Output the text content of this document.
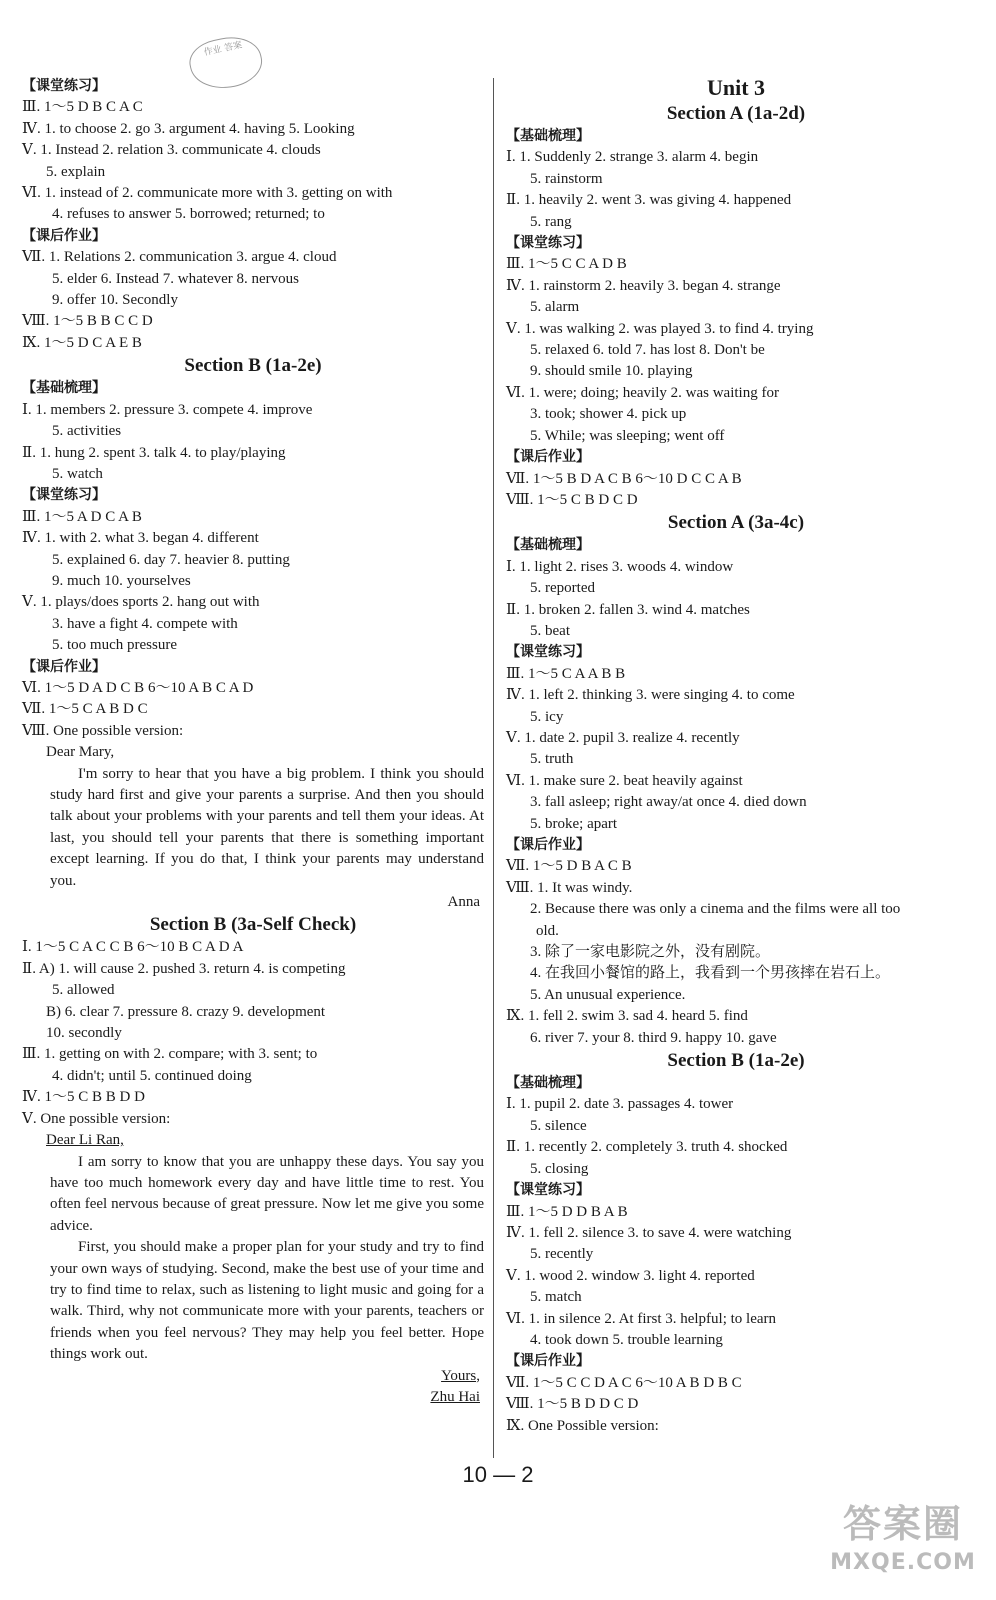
作业 答案
【课堂练习】
Ⅲ. 1～5 D B C A C
Ⅳ. 1. to choose 2. go 3. argument 4. having 5. Looking
Ⅴ. 1. Instead 2. relation 3. communicate 4. clouds
5. explain
Ⅵ. 1. instead of 2. communicate more with 3. getting on with
4. refuses to answer 5. borrowed; returned; to
【课后作业】
Ⅶ. 1. Relations 2. communication 3. argue 4. cloud
5. elder 6. Instead 7. whatever 8. nervous
9. offer 10. Secondly
Ⅷ. 1～5 B B C C D
Ⅸ. 1～5 D C A E B
Section B (1a-2e)
【基础梳理】
Ⅰ. 1. members 2. pressure 3. compete 4. improve
5. activities
Ⅱ. 1. hung 2. spent 3. talk 4. to play/playing
5. watch
【课堂练习】
Ⅲ. 1～5 A D C A B
Ⅳ. 1. with 2. what 3. began 4. different
5. explained 6. day 7. heavier 8. putting
9. much 10. yourselves
Ⅴ. 1. plays/does sports 2. hang out with
3. have a fight 4. compete with
5. too much pressure
【课后作业】
Ⅵ. 1～5 D A D C B 6～10 A B C A D
Ⅶ. 1～5 C A B D C
Ⅷ. One possible version:
Dear Mary,
I'm sorry to hear that you have a big problem. I think you should study hard first and give your parents a surprise. And then you should talk about your problems with your parents and tell them your ideas. At last, you should tell your parents that there is something important except learning. If you do that, I think your parents may understand you.
Anna
Section B (3a-Self Check)
Ⅰ. 1～5 C A C C B 6～10 B C A D A
Ⅱ. A) 1. will cause 2. pushed 3. return 4. is competing
5. allowed
B) 6. clear 7. pressure 8. crazy 9. development
10. secondly
Ⅲ. 1. getting on with 2. compare; with 3. sent; to
4. didn't; until 5. continued doing
Ⅳ. 1～5 C B B D D
Ⅴ. One possible version:
Dear Li Ran,
I am sorry to know that you are unhappy these days. You say you have too much homework every day and have little time to rest. You often feel nervous because of great pressure. Now let me give you some advice.
First, you should make a proper plan for your study and try to find your own ways of studying. Second, make the best use of your time and try to find time to relax, such as listening to light music and going for a walk. Third, why not communicate more with your parents, teachers or friends when you feel nervous? They may help you feel better. Hope things work out.
Yours,
Zhu Hai
Unit 3
Section A (1a-2d)
【基础梳理】
Ⅰ. 1. Suddenly 2. strange 3. alarm 4. begin
5. rainstorm
Ⅱ. 1. heavily 2. went 3. was giving 4. happened
5. rang
【课堂练习】
Ⅲ. 1～5 C C A D B
Ⅳ. 1. rainstorm 2. heavily 3. began 4. strange
5. alarm
Ⅴ. 1. was walking 2. was played 3. to find 4. trying
5. relaxed 6. told 7. has lost 8. Don't be
9. should smile 10. playing
Ⅵ. 1. were; doing; heavily 2. was waiting for
3. took; shower 4. pick up
5. While; was sleeping; went off
【课后作业】
Ⅶ. 1～5 B D A C B 6～10 D C C A B
Ⅷ. 1～5 C B D C D
Section A (3a-4c)
【基础梳理】
Ⅰ. 1. light 2. rises 3. woods 4. window
5. reported
Ⅱ. 1. broken 2. fallen 3. wind 4. matches
5. beat
【课堂练习】
Ⅲ. 1～5 C A A B B
Ⅳ. 1. left 2. thinking 3. were singing 4. to come
5. icy
Ⅴ. 1. date 2. pupil 3. realize 4. recently
5. truth
Ⅵ. 1. make sure 2. beat heavily against
3. fall asleep; right away/at once 4. died down
5. broke; apart
【课后作业】
Ⅶ. 1～5 D B A C B
Ⅷ. 1. It was windy.
2. Because there was only a cinema and the films were all too
old.
3. 除了一家电影院之外，没有剧院。
4. 在我回小餐馆的路上，我看到一个男孩摔在岩石上。
5. An unusual experience.
Ⅸ. 1. fell 2. swim 3. sad 4. heard 5. find
6. river 7. your 8. third 9. happy 10. gave
Section B (1a-2e)
【基础梳理】
Ⅰ. 1. pupil 2. date 3. passages 4. tower
5. silence
Ⅱ. 1. recently 2. completely 3. truth 4. shocked
5. closing
【课堂练习】
Ⅲ. 1～5 D D B A B
Ⅳ. 1. fell 2. silence 3. to save 4. were watching
5. recently
Ⅴ. 1. wood 2. window 3. light 4. reported
5. match
Ⅵ. 1. in silence 2. At first 3. helpful; to learn
4. took down 5. trouble learning
【课后作业】
Ⅶ. 1～5 C C D A C 6～10 A B D B C
Ⅷ. 1～5 B D D C D
Ⅸ. One Possible version:
10 — 2
答案圈
MXQE.COM
